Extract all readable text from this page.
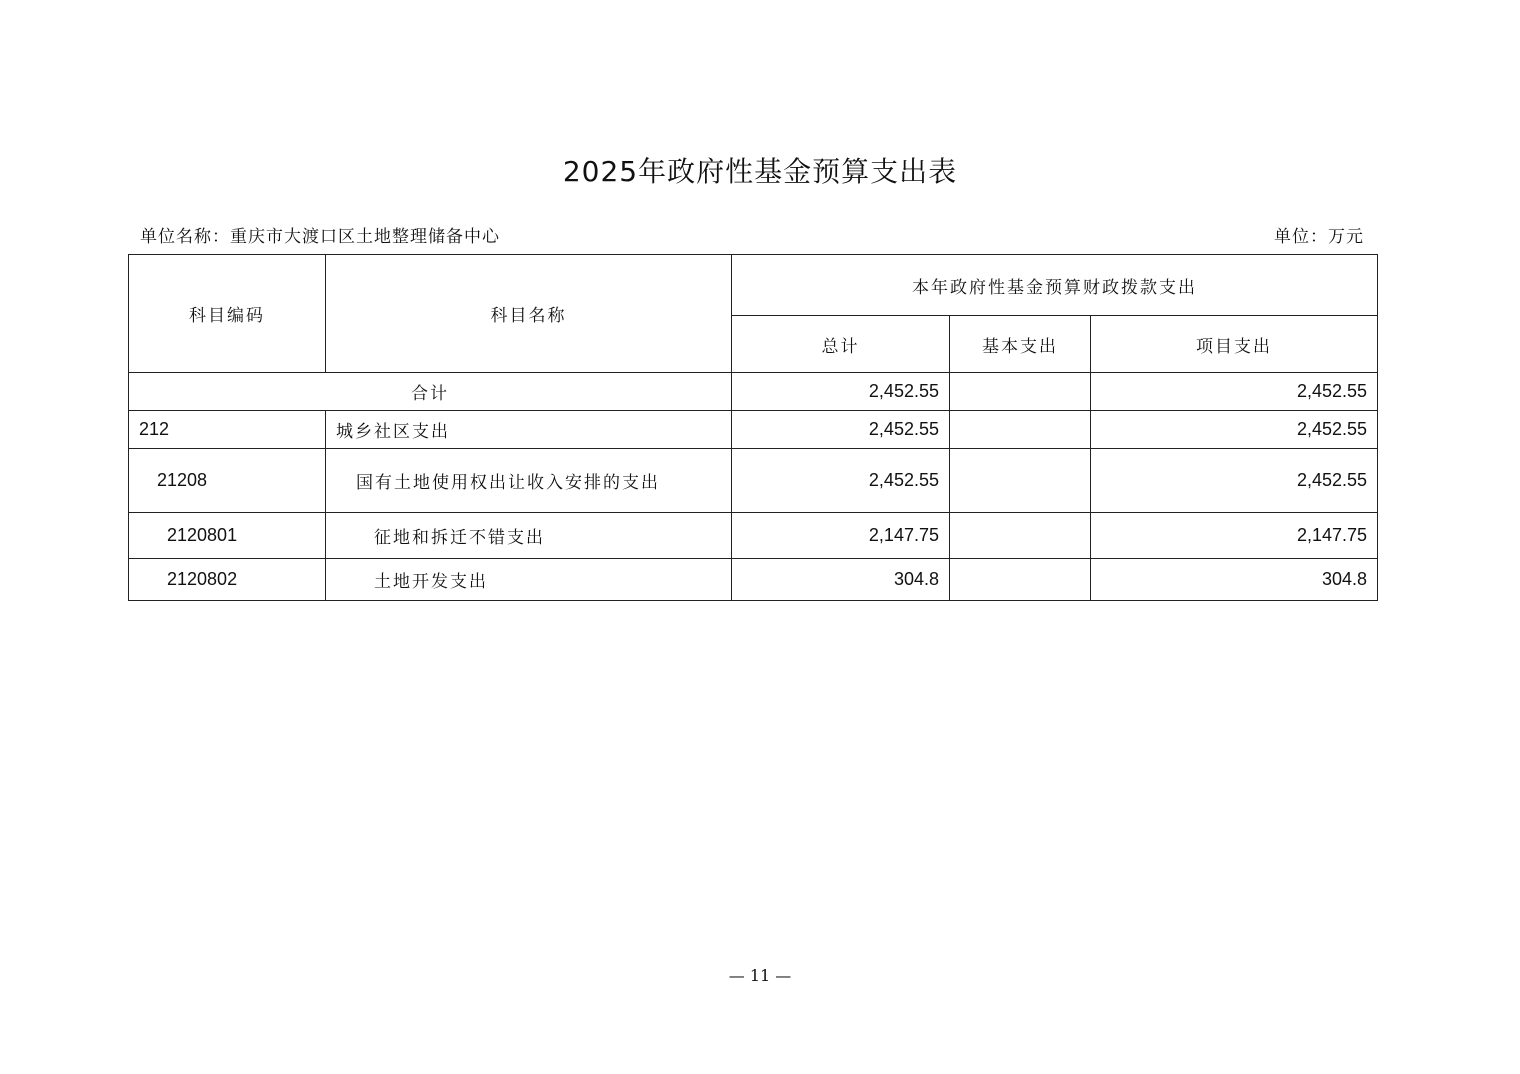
2025年政府性基金预算支出表
单位名称：重庆市大渡口区土地整理储备中心	单位：万元
科目编码	科目名称	本年政府性基金预算财政拨款支出		
		总计	基本支出	项目支出
合计		2,452.55		2,452.55
212	城乡社区支出	2,452.55		2,452.55
21208	国有土地使用权出让收入安排的支出	2,452.55		2,452.55
2120801	征地和拆迁不错支出	2,147.75		2,147.75
2120802	土地开发支出	304.8		304.8
— 11 —
